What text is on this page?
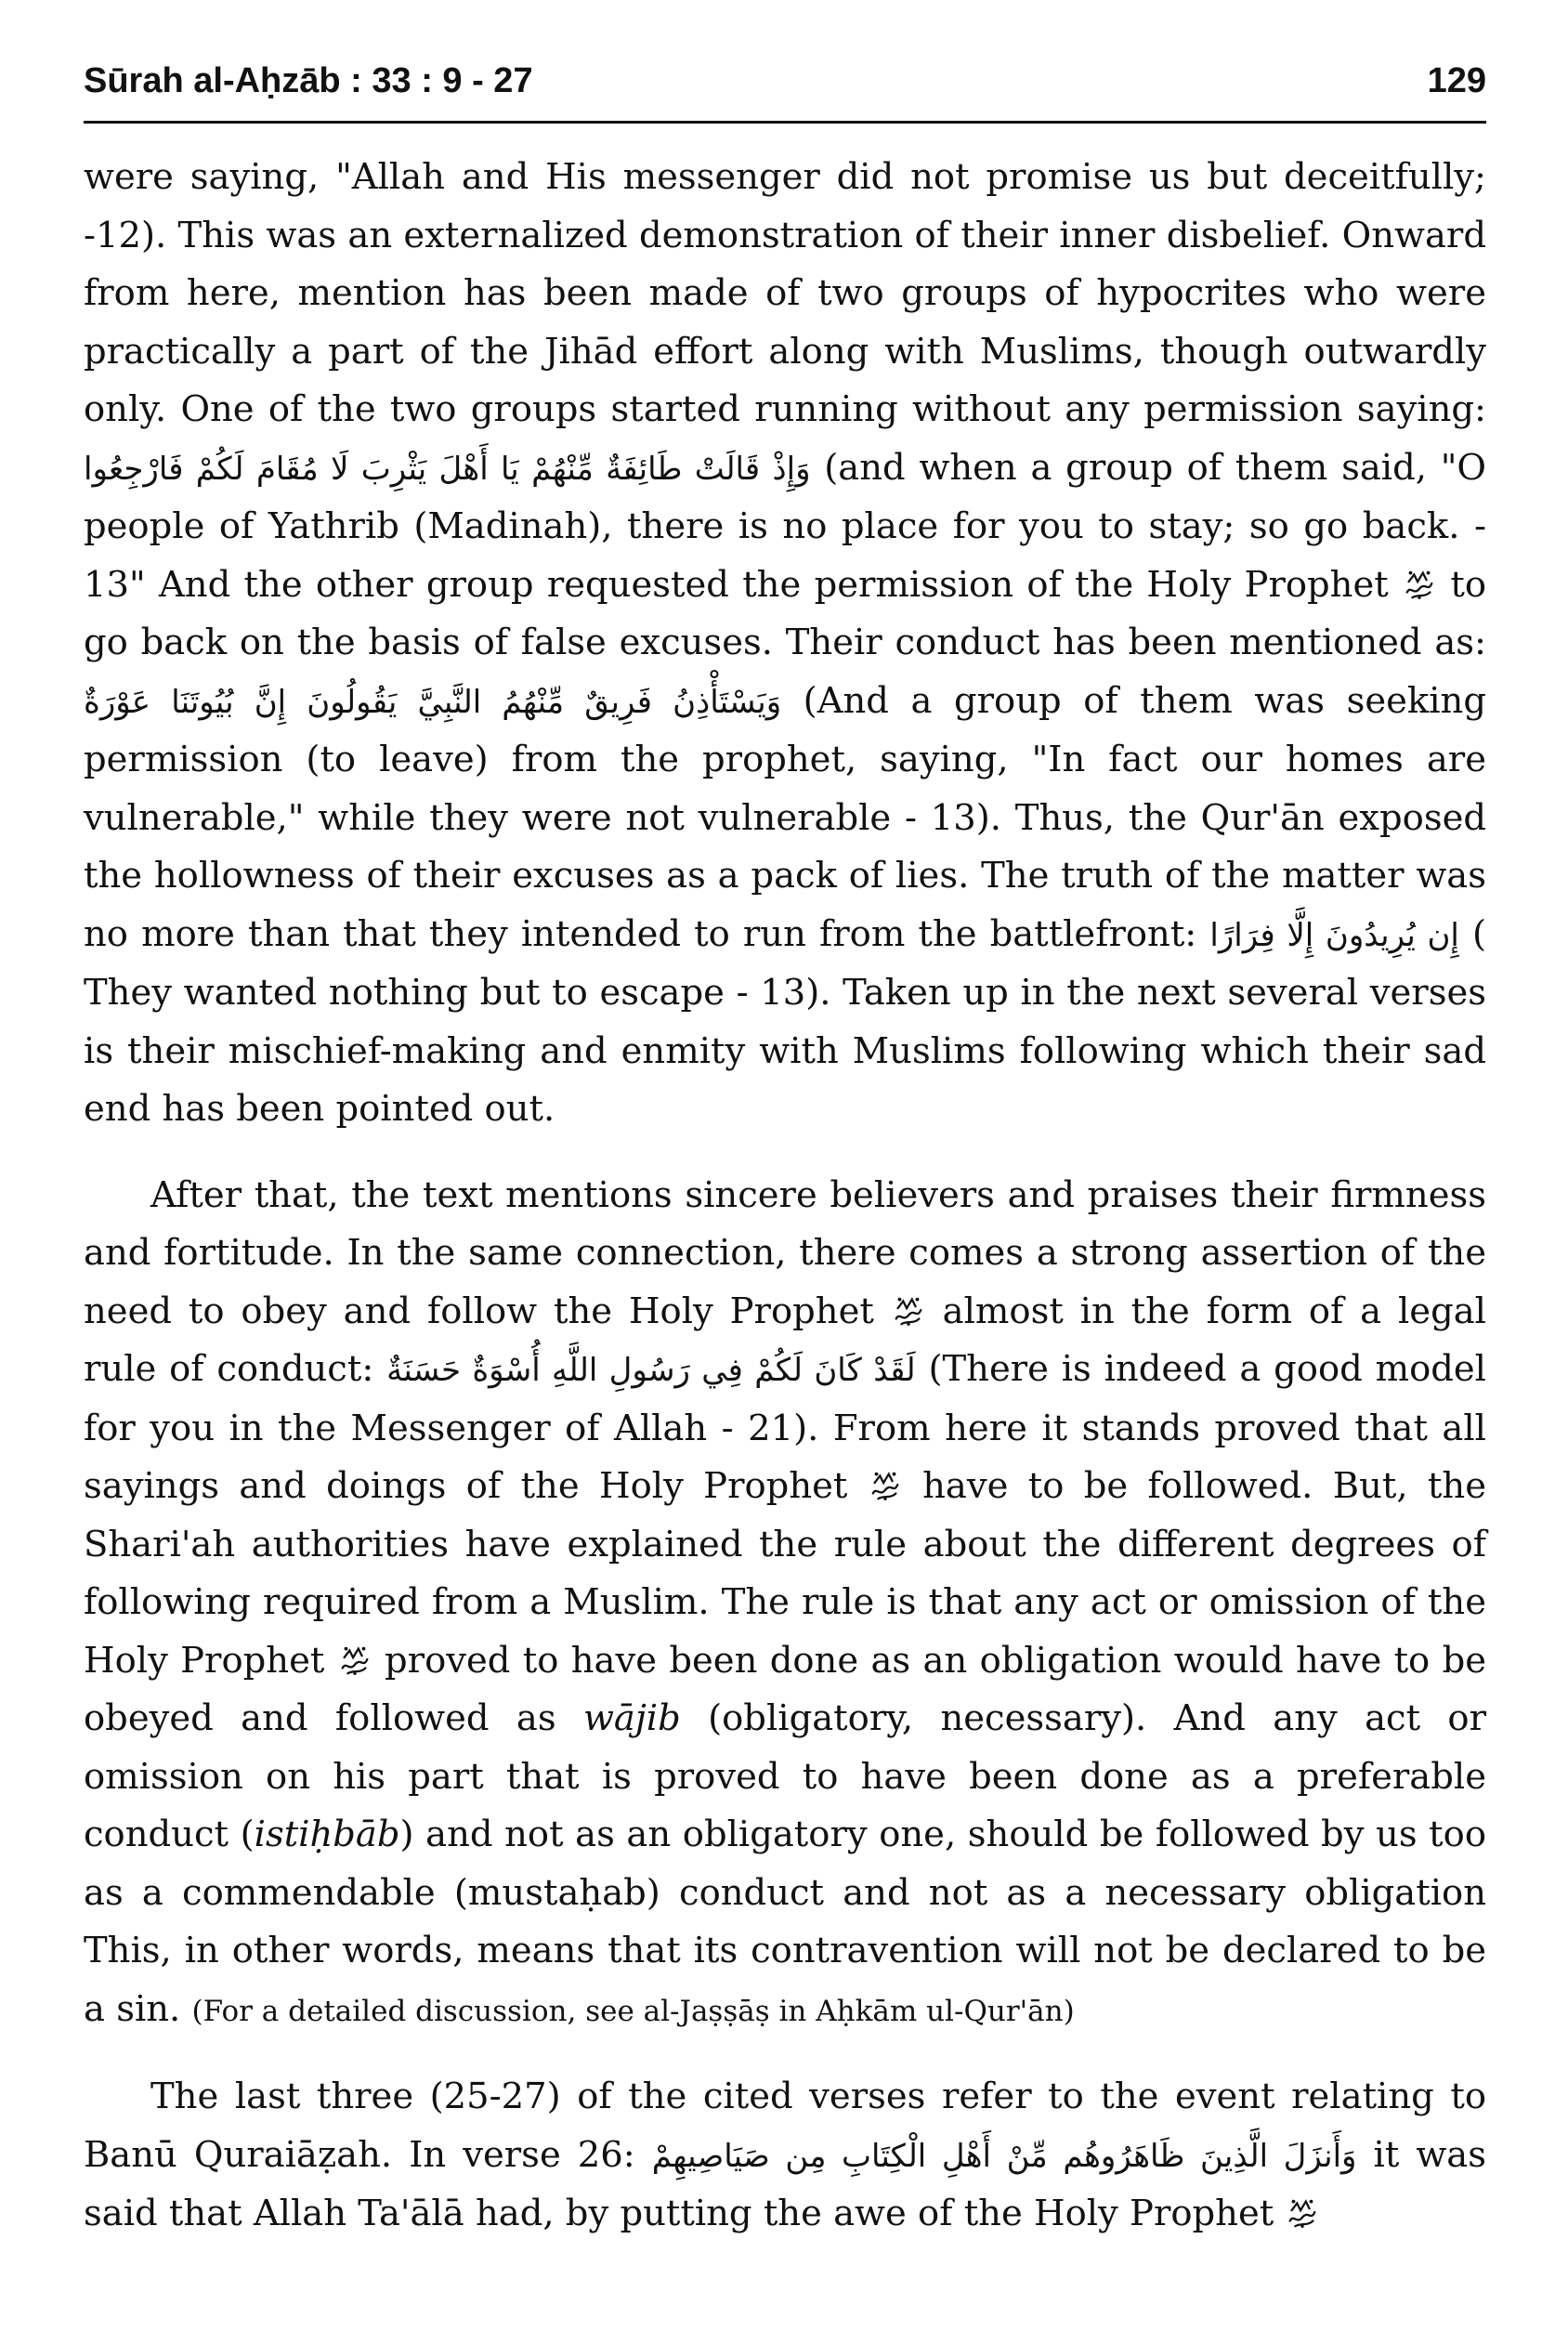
Sūrah al-Aḥzāb : 33 : 9 - 27	129

were saying, "Allah and His messenger did not promise us but deceitfully; -12). This was an externalized demonstration of their inner disbelief. Onward from here, mention has been made of two groups of hypocrites who were practically a part of the Jihād effort along with Muslims, though outwardly only. One of the two groups started running without any permission saying: وَإِذْ قَالَتْ طَائِفَةٌ مِّنْهُمْ يَا أَهْلَ يَثْرِبَ لَا مُقَامَ لَكُمْ فَارْجِعُوا (and when a group of them said, "O people of Yathrib (Madinah), there is no place for you to stay; so go back. - 13" And the other group requested the permission of the Holy Prophet  to go back on the basis of false excuses. Their conduct has been mentioned as: وَيَسْتَأْذِنُ فَرِيقٌ مِّنْهُمُ النَّبِيَّ يَقُولُونَ إِنَّ بُيُوتَنَا عَوْرَةٌ (And a group of them was seeking permission (to leave) from the prophet, saying, "In fact our homes are vulnerable," while they were not vulnerable - 13). Thus, the Qur'ān exposed the hollowness of their excuses as a pack of lies. The truth of the matter was no more than that they intended to run from the battlefront: إِن يُرِيدُونَ إِلَّا فِرَارًا ( They wanted nothing but to escape - 13). Taken up in the next several verses is their mischief-making and enmity with Muslims following which their sad end has been pointed out.

After that, the text mentions sincere believers and praises their firmness and fortitude. In the same connection, there comes a strong assertion of the need to obey and follow the Holy Prophet  almost in the form of a legal rule of conduct: لَقَدْ كَانَ لَكُمْ فِي رَسُولِ اللَّهِ أُسْوَةٌ حَسَنَةٌ (There is indeed a good model for you in the Messenger of Allah - 21). From here it stands proved that all sayings and doings of the Holy Prophet  have to be followed. But, the Shari'ah authorities have explained the rule about the different degrees of following required from a Muslim. The rule is that any act or omission of the Holy Prophet  proved to have been done as an obligation would have to be obeyed and followed as wājib (obligatory, necessary). And any act or omission on his part that is proved to have been done as a preferable conduct (istiḥbāb) and not as an obligatory one, should be followed by us too as a commendable (mustaḥab) conduct and not as a necessary obligation This, in other words, means that its contravention will not be declared to be a sin. (For a detailed discussion, see al-Jaṣṣāṣ in Aḥkām ul-Qur'ān)

The last three (25-27) of the cited verses refer to the event relating to Banū Quraiāẓah. In verse 26: وَأَنزَلَ الَّذِينَ ظَاهَرُوهُم مِّنْ أَهْلِ الْكِتَابِ مِن صَيَاصِيهِمْ it was said that Allah Ta'ālā had, by putting the awe of the Holy Prophet
